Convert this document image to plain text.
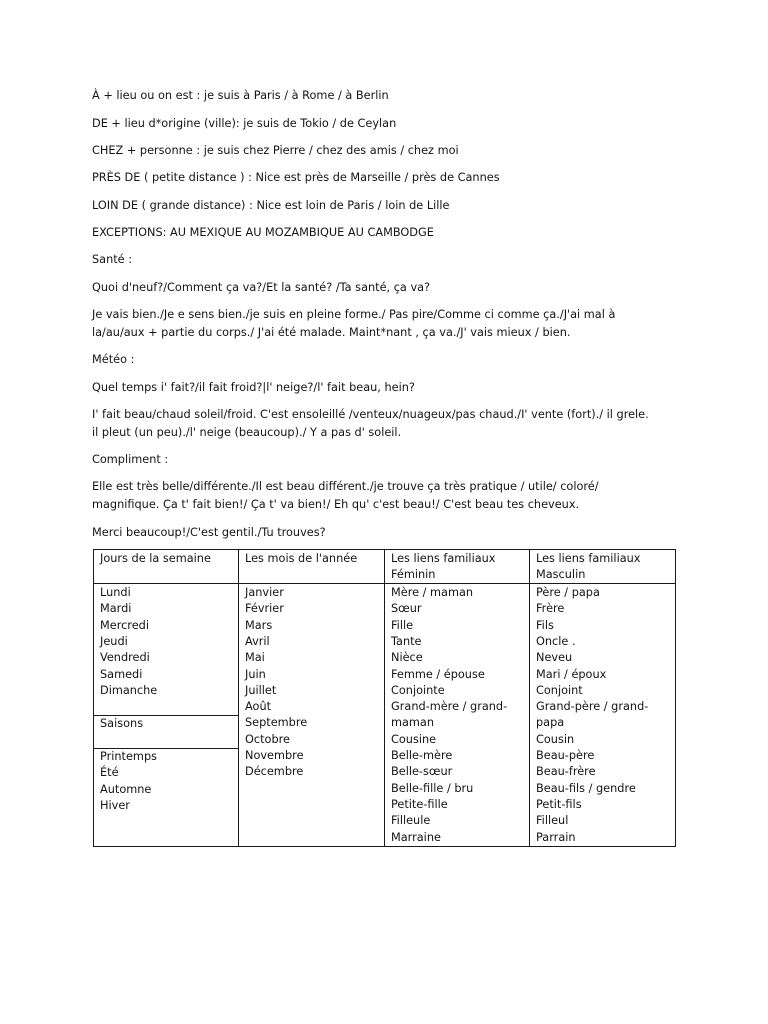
À + lieu ou on est : je suis à Paris / à Rome / à Berlin
DE + lieu d*origine (ville): je suis de Tokio / de Ceylan
CHEZ + personne : je suis chez Pierre / chez des amis / chez moi
PRÈS DE ( petite distance ) : Nice est près de Marseille / près de Cannes
LOIN DE ( grande distance) : Nice est loin de Paris / loin de Lille
EXCEPTIONS: AU MEXIQUE AU MOZAMBIQUE AU CAMBODGE
Santé :
Quoi d'neuf?/Comment ça va?/Et la santé? /Ta santé, ça va?
Je vais bien./Je e sens bien./je suis en pleine forme./ Pas pire/Comme ci comme ça./J'ai mal à
la/au/aux + partie du corps./ J'ai été malade. Maint*nant , ça va./J' vais mieux / bien.
Météo :
Quel temps i' fait?/il fait froid?|l' neige?/l' fait beau, hein?
I' fait beau/chaud soleil/froid. C'est ensoleillé /venteux/nuageux/pas chaud./I' vente (fort)./ il grele.
il pleut (un peu)./l' neige (beaucoup)./ Y a pas d' soleil.
Compliment :
Elle est très belle/différente./Il est beau différent./je trouve ça très pratique / utile/ coloré/
magnifique. Ça t' fait bien!/ Ça t' va bien!/ Eh qu' c'est beau!/ C'est beau tes cheveux.
Merci beaucoup!/C'est gentil./Tu trouves?
Jours de la semaine	Les mois de l'année	Les liens familiaux
Féminin
Les liens familiaux
Masculin
Lundi
Mardi
Mercredi
Jeudi
Vendredi
Samedi
Dimanche
Saisons
Printemps
Été
Automne
Hiver
Janvier
Février
Mars
Avril
Mai
Juin
Juillet
Août
Septembre
Octobre
Novembre
Décembre
Mère / maman
Sœur
Fille
Tante
Nièce
Femme / épouse
Conjointe
Grand-mère / grand-
maman
Cousine
Belle-mère
Belle-sœur
Belle-fille / bru
Petite-fille
Filleule
Marraine
Père / papa
Frère
Fils
Oncle .
Neveu
Mari / époux
Conjoint
Grand-père / grand-
papa
Cousin
Beau-père
Beau-frère
Beau-fils / gendre
Petit-fils
Filleul
Parrain
